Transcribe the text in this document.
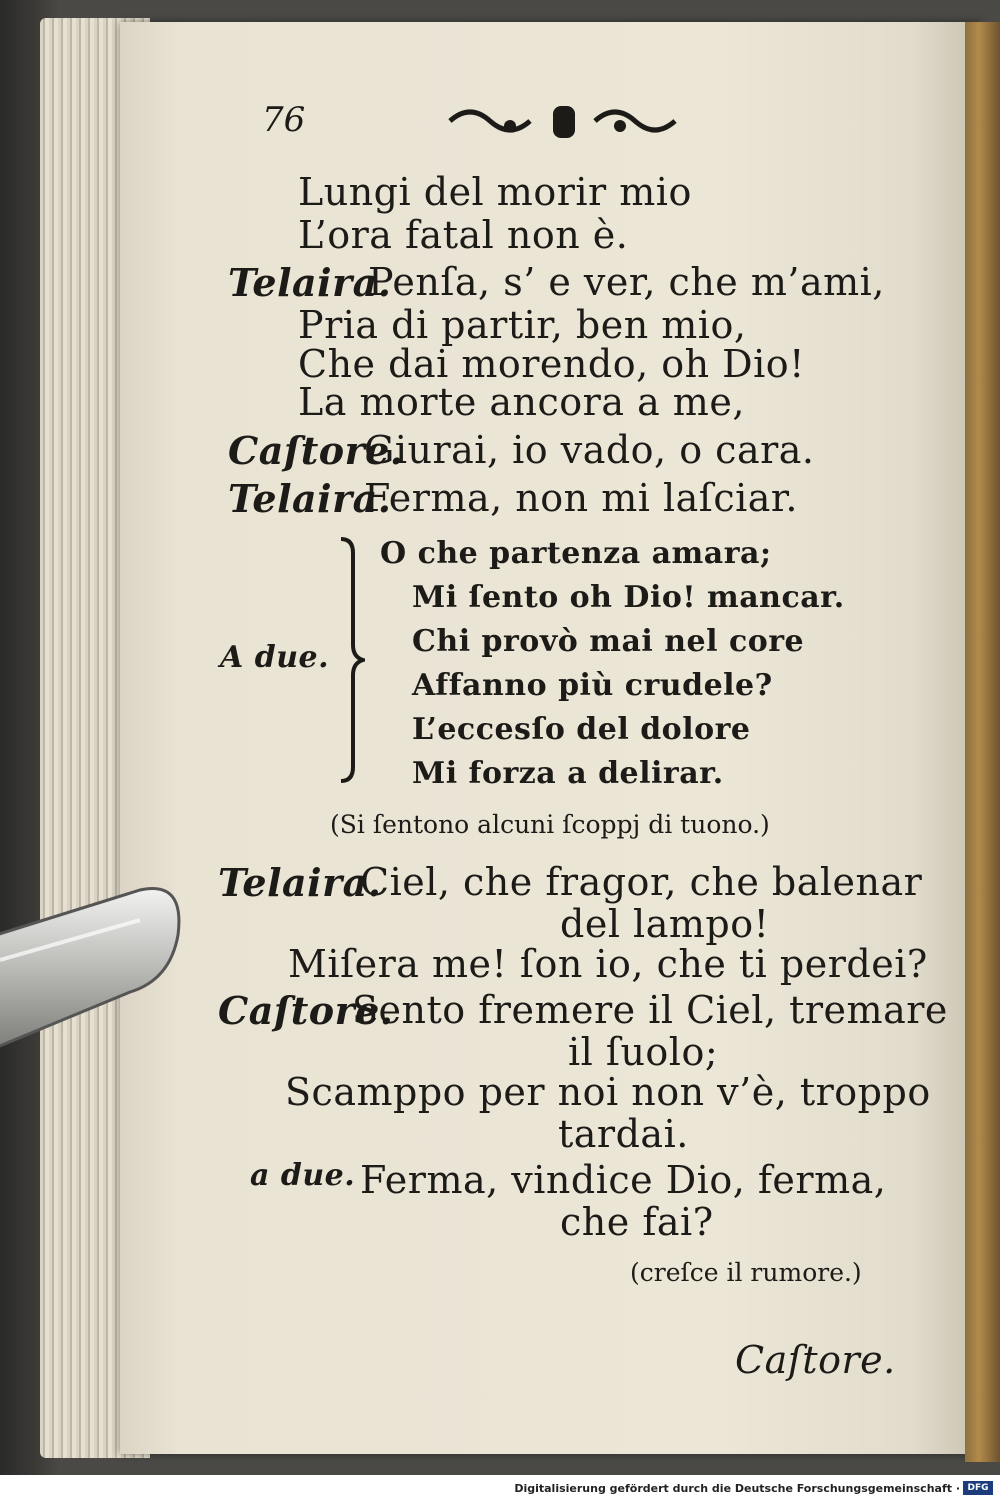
76
Lungi del morir mio
L’ora fatal non è.
Telaira.
Penſa, s’ e ver, che m’ami,
Pria di partir, ben mio,
Che dai morendo, oh Dio!
La morte ancora a me,
Caſtore.
Giurai, io vado, o cara.
Telaira.
Ferma, non mi laſciar.
A due.
O che partenza amara;
Mi ſento oh Dio! mancar.
Chi provò mai nel core
Affanno più crudele?
L’eccesſo del dolore
Mi forza a delirar.
(Si ſentono alcuni ſcoppj di tuono.)
Telaira.
Ciel, che fragor, che balenar
del lampo!
Miſera me! ſon io, che ti perdei?
Caſtore.
Sento fremere il Ciel, tremare
il ſuolo;
Scamppo per noi non v’è, troppo
tardai.
a due. Ferma, vindice Dio, ferma,
che fai?
(creſce il rumore.)
Caſtore.
Digitalisierung gefördert durch die Deutsche Forschungsgemeinschaft · DFG
